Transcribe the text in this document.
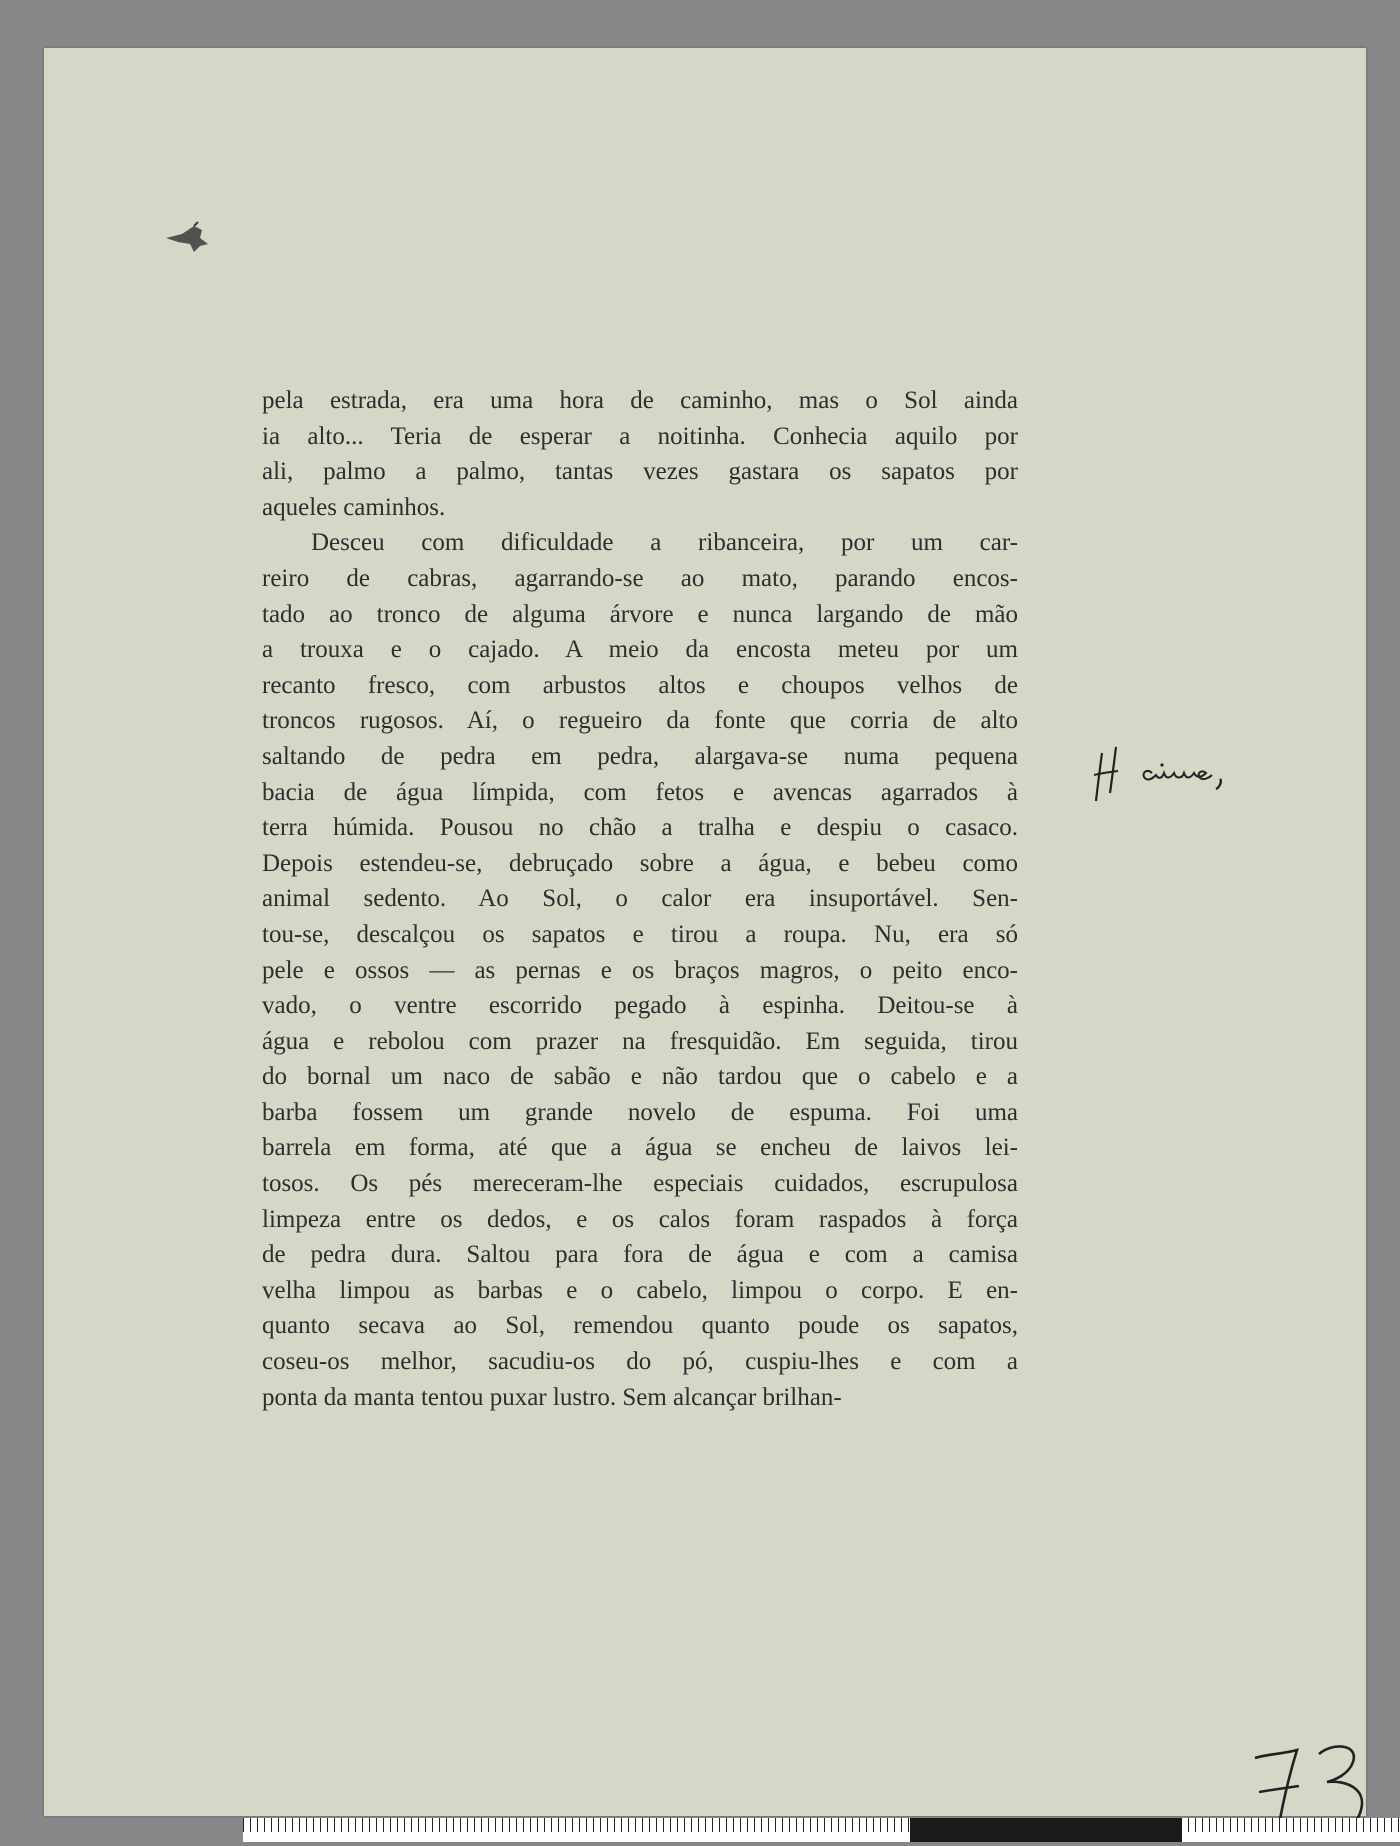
pela estrada, era uma hora de caminho, mas o Sol ainda

ia alto... Teria de esperar a noitinha. Conhecia aquilo por

ali, palmo a palmo, tantas vezes gastara os sapatos por

aqueles caminhos.

Desceu com dificuldade a ribanceira, por um car-

reiro de cabras, agarrando-se ao mato, parando encos-

tado ao tronco de alguma árvore e nunca largando de mão

a trouxa e o cajado. A meio da encosta meteu por um

recanto fresco, com arbustos altos e choupos velhos de

troncos rugosos. Aí, o regueiro da fonte que corria de alto

saltando de pedra em pedra, alargava-se numa pequena

bacia de água límpida, com fetos e avencas agarrados à

terra húmida. Pousou no chão a tralha e despiu o casaco.

Depois estendeu-se, debruçado sobre a água, e bebeu como

animal sedento. Ao Sol, o calor era insuportável. Sen-

tou-se, descalçou os sapatos e tirou a roupa. Nu, era só

pele e ossos — as pernas e os braços magros, o peito enco-

vado, o ventre escorrido pegado à espinha. Deitou-se à

água e rebolou com prazer na fresquidão. Em seguida, tirou

do bornal um naco de sabão e não tardou que o cabelo e a

barba fossem um grande novelo de espuma. Foi uma

barrela em forma, até que a água se encheu de laivos lei-

tosos. Os pés mereceram-lhe especiais cuidados, escrupulosa

limpeza entre os dedos, e os calos foram raspados à força

de pedra dura. Saltou para fora de água e com a camisa

velha limpou as barbas e o cabelo, limpou o corpo. E en-

quanto secava ao Sol, remendou quanto poude os sapatos,

coseu-os melhor, sacudiu-os do pó, cuspiu-lhes e com a

ponta da manta tentou puxar lustro. Sem alcançar brilhan-
